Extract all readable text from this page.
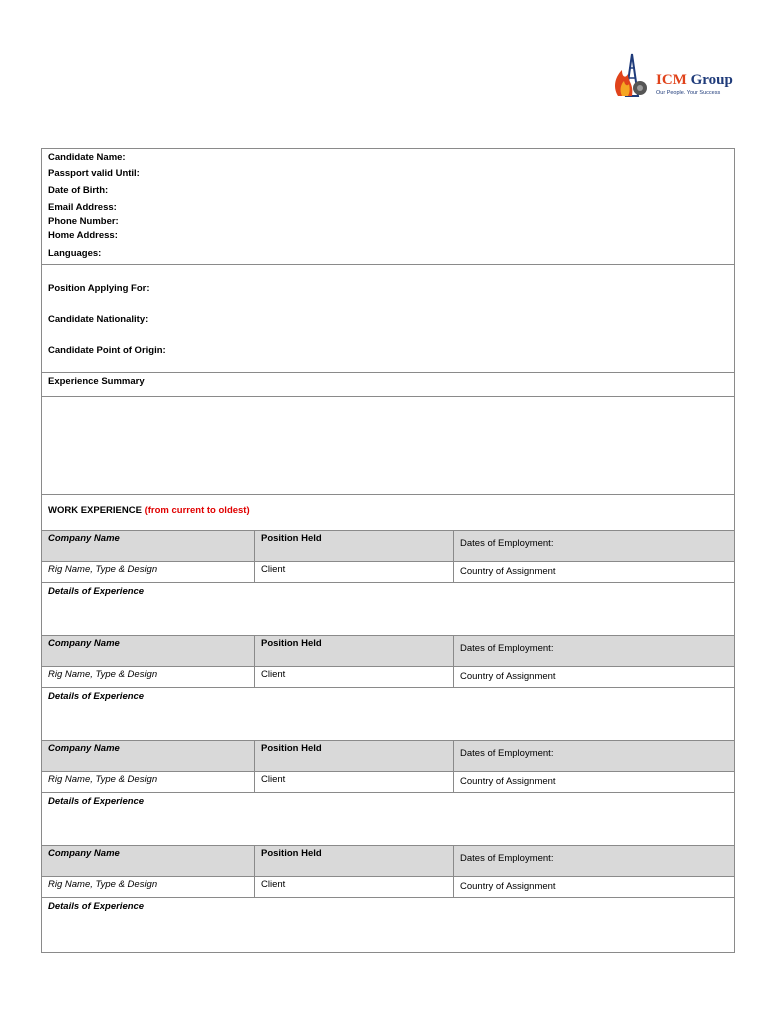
ICM Group
Our People. Your Success
Candidate Name:
Passport valid Until:
Date of Birth:
Email Address:
Phone Number:
Home Address:
Languages:
Position Applying For:
Candidate Nationality:
Candidate Point of Origin:
Experience Summary
WORK EXPERIENCE (from current to oldest)
Company Name	Position Held	Dates of Employment:
Rig Name, Type & Design	Client	Country of Assignment
Details of Experience
Company Name	Position Held	Dates of Employment:
Rig Name, Type & Design	Client	Country of Assignment
Details of Experience
Company Name	Position Held	Dates of Employment:
Rig Name, Type & Design	Client	Country of Assignment
Details of Experience
Company Name	Position Held	Dates of Employment:
Rig Name, Type & Design	Client	Country of Assignment
Details of Experience
